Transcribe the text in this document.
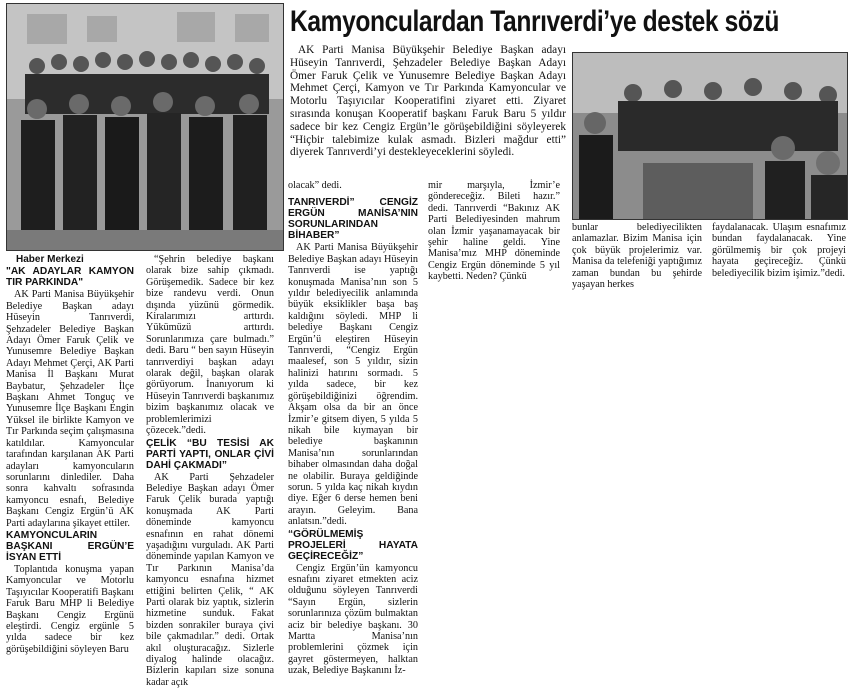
Kamyonculardan Tanrıverdi’ye destek sözü

AK Parti Manisa Büyükşehir Belediye Başkan adayı Hüseyin Tanrıverdi, Şehzadeler Belediye Başkan Adayı Ömer Faruk Çelik ve Yunusemre Belediye Başkan Adayı Mehmet Çerçi, Kamyon ve Tır Parkında Kamyoncular ve Motorlu Taşıyıcılar Kooperatifini ziyaret etti. Ziyaret sırasında konuşan Kooperatif başkanı Faruk Baru 5 yıldır sadece bir kez Cengiz Ergün’le görüşebildiğini söyleyerek “Hiçbir talebimize kulak asmadı. Bizleri mağdur etti” diyerek Tanrıverdi’yi destekleyeceklerini söyledi.

Haber Merkezi
"AK ADAYLAR KAMYON TIR PARKINDA"

AK Parti Manisa Büyükşehir Belediye Başkan adayı Hüseyin Tanrıverdi, Şehzadeler Belediye Başkan Adayı Ömer Faruk Çelik ve Yunusemre Belediye Başkan Adayı Mehmet Çerçi, AK Parti Manisa İl Başkanı Murat Baybatur, Şehzadeler İlçe Başkanı Ahmet Tonguç ve Yunusemre İlçe Başkanı Engin Yüksel ile birlikte Kamyon ve Tır Parkında seçim çalışmasına katıldılar. Kamyoncular tarafından karşılanan AK Parti adayları kamyoncuların sorunlarını dinlediler. Daha sonra kahvaltı sofrasında kamyoncu esnafı, Belediye Başkanı Cengiz Ergün’ü AK Parti adaylarına şikayet ettiler.

KAMYONCULARIN BAŞKANI ERGÜN’E İSYAN ETTİ

Toplantıda konuşma yapan Kamyoncular ve Motorlu Taşıyıcılar Kooperatifi Başkanı Faruk Baru MHP li Belediye Başkanı Cengiz Ergünü eleştirdi. Cengiz ergünle 5 yılda sadece bir kez görüşebildiğini söyleyen Baru

“Şehrin belediye başkanı olarak bize sahip çıkmadı. Görüşemedik. Sadece bir kez bize randevu verdi. Onun dışında yüzünü görmedik. Kiralarımızı arttırdı. Yükümüzü arttırdı. Sorunlarımıza çare bulmadı.” dedi. Baru “ ben sayın Hüseyin tanrıverdiyi başkan adayı olarak değil, başkan olarak görüyorum. İnanıyorum ki Hüseyin Tanrıverdi başkanımız bizim başkanımız olacak ve problemlerimizi çözecek.”dedi.

ÇELİK “BU TESİSİ AK PARTİ YAPTI, ONLAR ÇİVİ DAHİ ÇAKMADI”

AK Parti Şehzadeler Belediye Başkan adayı Ömer Faruk Çelik burada yaptığı konuşmada AK Parti döneminde kamyoncu esnafının en rahat dönemi yaşadığını vurguladı. AK Parti döneminde yapılan Kamyon ve Tır Parkının Manisa’da kamyoncu esnafına hizmet ettiğini belirten Çelik, “ AK Parti olarak biz yaptık, sizlerin hizmetine sunduk. Fakat bizden sonrakiler buraya çivi bile çakmadılar.” dedi. Ortak akıl oluşturacağız. Sizlerle diyalog halinde olacağız. Bizlerin kapıları size sonuna kadar açık

olacak” dedi.

TANRIVERDİ” CENGİZ ERGÜN MANİSA’NIN SORUNLARINDAN BİHABER”

AK Parti Manisa Büyükşehir Belediye Başkan adayı Hüseyin Tanrıverdi ise yaptığı konuşmada Manisa’nın son 5 yıldır belediyecilik anlamında büyük eksiklikler başa baş kaldığını söyledi. MHP li belediye Başkanı Cengiz Ergün’ü eleştiren Hüseyin Tanrıverdi, “Cengiz Ergün maalesef, son 5 yıldır, sizin halinizi hatırını sormadı. 5 yılda sadece, bir kez görüşebildiğinizi öğrendim. Akşam olsa da bir an önce İzmir’e gitsem diyen, 5 yılda 5 nikah bile kıymayan bir belediye başkanının Manisa’nın sorunlarından bihaber olmasından daha doğal ne olabilir. Buraya geldiğinde sorun. 5 yılda kaç nikah kıydın diye. Eğer 6 derse hemen beni arayın. Geleyim. Bana anlatsın.”dedi.

“GÖRÜLMEMİŞ PROJELERİ HAYATA GEÇİRECEĞİZ”

Cengiz Ergün’ün kamyoncu esnafını ziyaret etmekten aciz olduğunu söyleyen Tanrıverdi “Sayın Ergün, sizlerin sorunlarınıza çözüm bulmaktan aciz bir belediye başkanı. 30 Martta Manisa’nın problemlerini çözmek için gayret göstermeyen, halktan uzak, Belediye Başkanını İz-

mir marşıyla, İzmir’e göndereceğiz. Bileti hazır.” dedi. Tanrıverdi “Bakınız AK Parti Belediyesinden mahrum olan İzmir yaşanamayacak bir şehir haline geldi. Yine Manisa’mız MHP döneminde Cengiz Ergün döneminde 5 yıl kaybetti. Neden? Çünkü

bunlar belediyecilikten anlamazlar. Bizim Manisa için çok büyük projelerimiz var. Manisa da telefeniği yaptığımız zaman bundan bu şehirde yaşayan herkes

faydalanacak. Ulaşım esnafımız bundan faydalanacak. Yine görülmemiş bir çok projeyi hayata geçireceğiz. Çünkü belediyecilik bizim işimiz.”dedi.
